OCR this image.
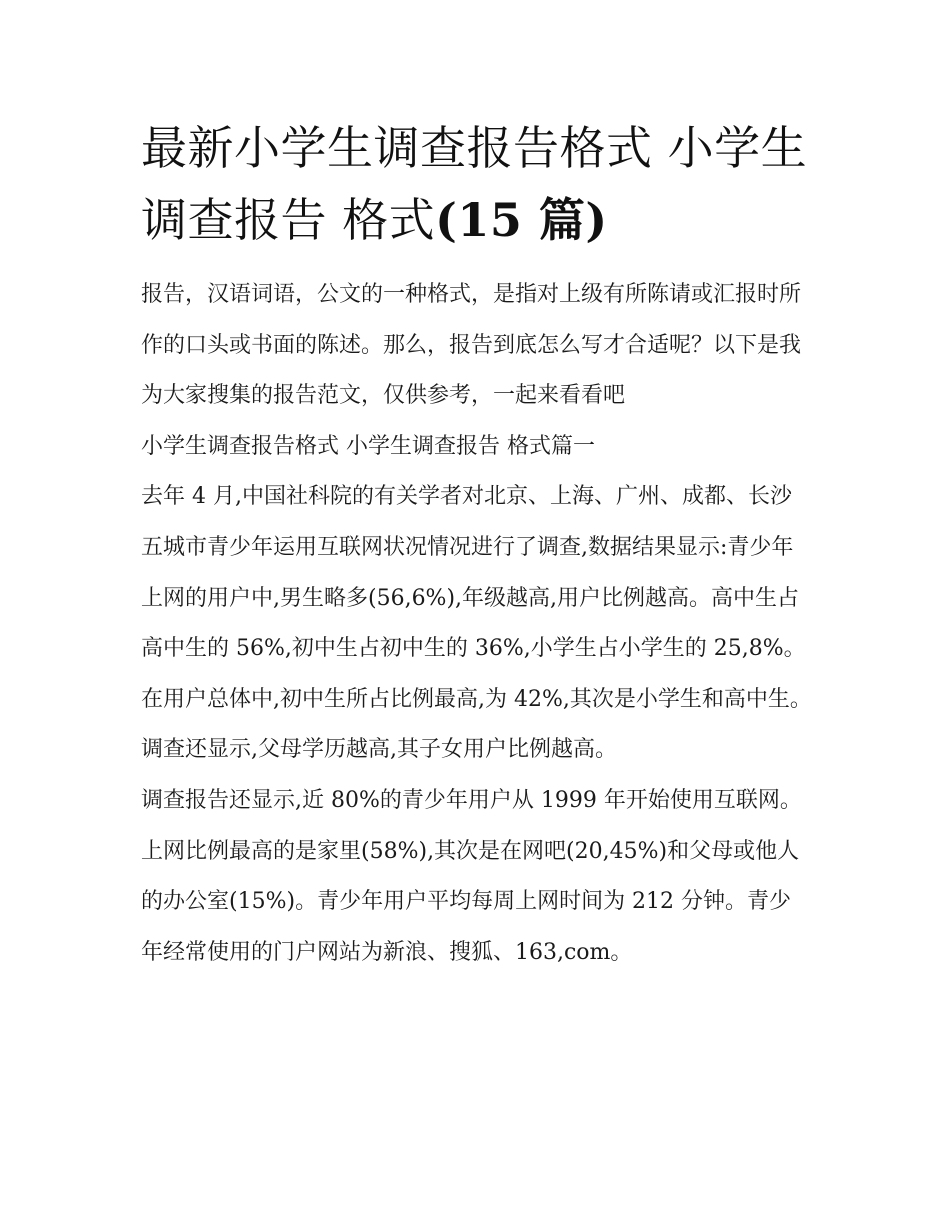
最新小学生调查报告格式 小学生调查报告 格式(15 篇)

报告，汉语词语，公文的一种格式，是指对上级有所陈请或汇报时所作的口头或书面的陈述。那么，报告到底怎么写才合适呢？以下是我为大家搜集的报告范文，仅供参考，一起来看看吧

小学生调查报告格式 小学生调查报告 格式篇一

去年 4 月,中国社科院的有关学者对北京、上海、广州、成都、长沙五城市青少年运用互联网状况情况进行了调查,数据结果显示:青少年上网的用户中,男生略多(56,6%),年级越高,用户比例越高。高中生占高中生的 56%,初中生占初中生的 36%,小学生占小学生的 25,8%。在用户总体中,初中生所占比例最高,为 42%,其次是小学生和高中生。调查还显示,父母学历越高,其子女用户比例越高。

调查报告还显示,近 80%的青少年用户从 1999 年开始使用互联网。上网比例最高的是家里(58%),其次是在网吧(20,45%)和父母或他人的办公室(15%)。青少年用户平均每周上网时间为 212 分钟。青少年经常使用的门户网站为新浪、搜狐、163,com。
